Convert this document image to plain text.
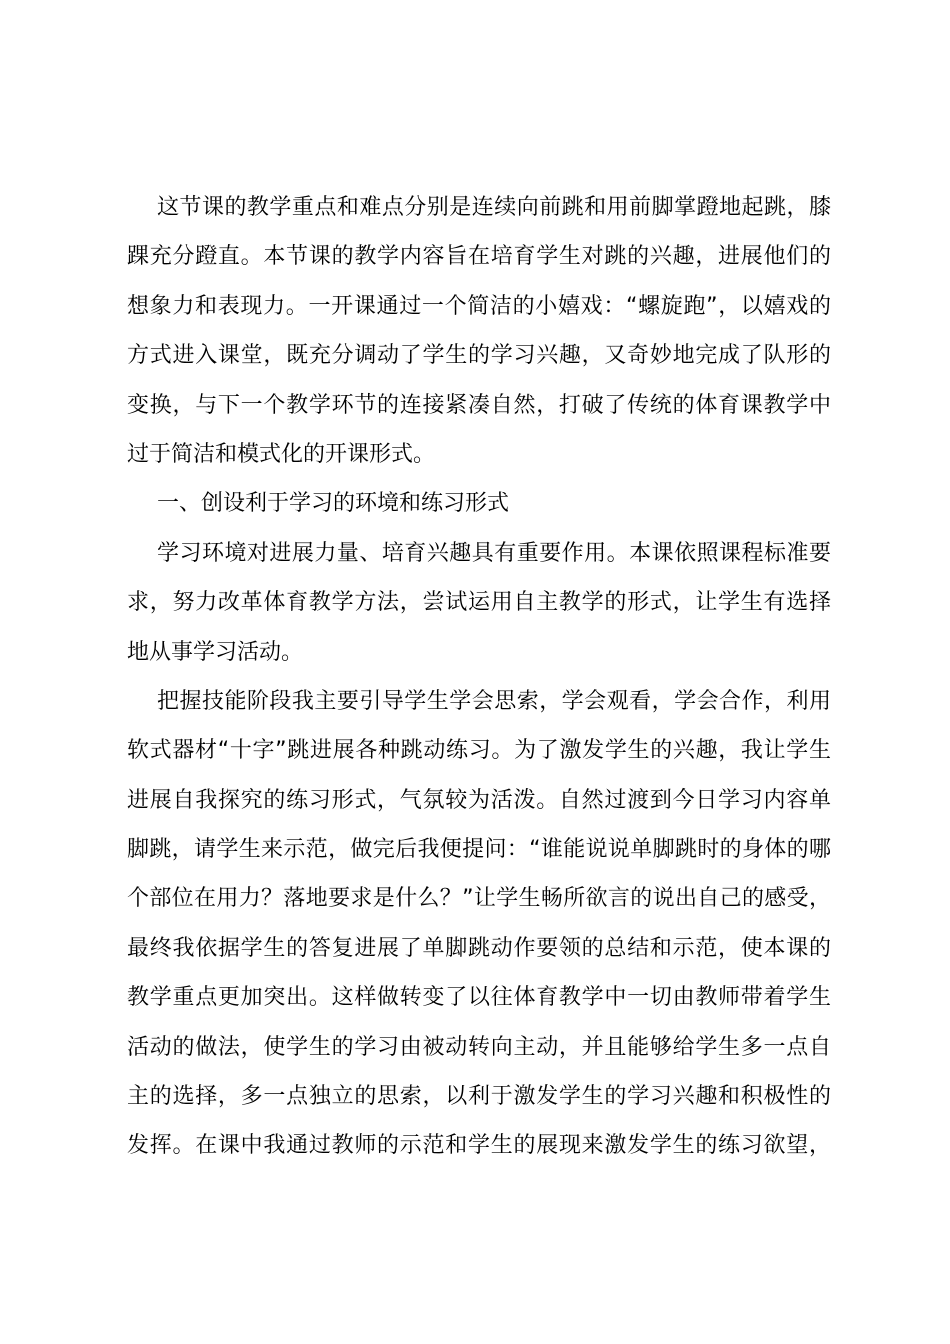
这节课的教学重点和难点分别是连续向前跳和用前脚掌蹬地起跳，膝
踝充分蹬直。本节课的教学内容旨在培育学生对跳的兴趣，进展他们的
想象力和表现力。一开课通过一个简洁的小嬉戏：“螺旋跑”，以嬉戏的
方式进入课堂，既充分调动了学生的学习兴趣，又奇妙地完成了队形的
变换，与下一个教学环节的连接紧凑自然，打破了传统的体育课教学中
过于简洁和模式化的开课形式。
一、创设利于学习的环境和练习形式
学习环境对进展力量、培育兴趣具有重要作用。本课依照课程标准要
求，努力改革体育教学方法，尝试运用自主教学的形式，让学生有选择
地从事学习活动。
把握技能阶段我主要引导学生学会思索，学会观看，学会合作，利用
软式器材“十字”跳进展各种跳动练习。为了激发学生的兴趣，我让学生
进展自我探究的练习形式，气氛较为活泼。自然过渡到今日学习内容单
脚跳，请学生来示范，做完后我便提问：“谁能说说单脚跳时的身体的哪
个部位在用力？落地要求是什么？”让学生畅所欲言的说出自己的感受，
最终我依据学生的答复进展了单脚跳动作要领的总结和示范，使本课的
教学重点更加突出。这样做转变了以往体育教学中一切由教师带着学生
活动的做法，使学生的学习由被动转向主动，并且能够给学生多一点自
主的选择，多一点独立的思索，以利于激发学生的学习兴趣和积极性的
发挥。在课中我通过教师的示范和学生的展现来激发学生的练习欲望，
